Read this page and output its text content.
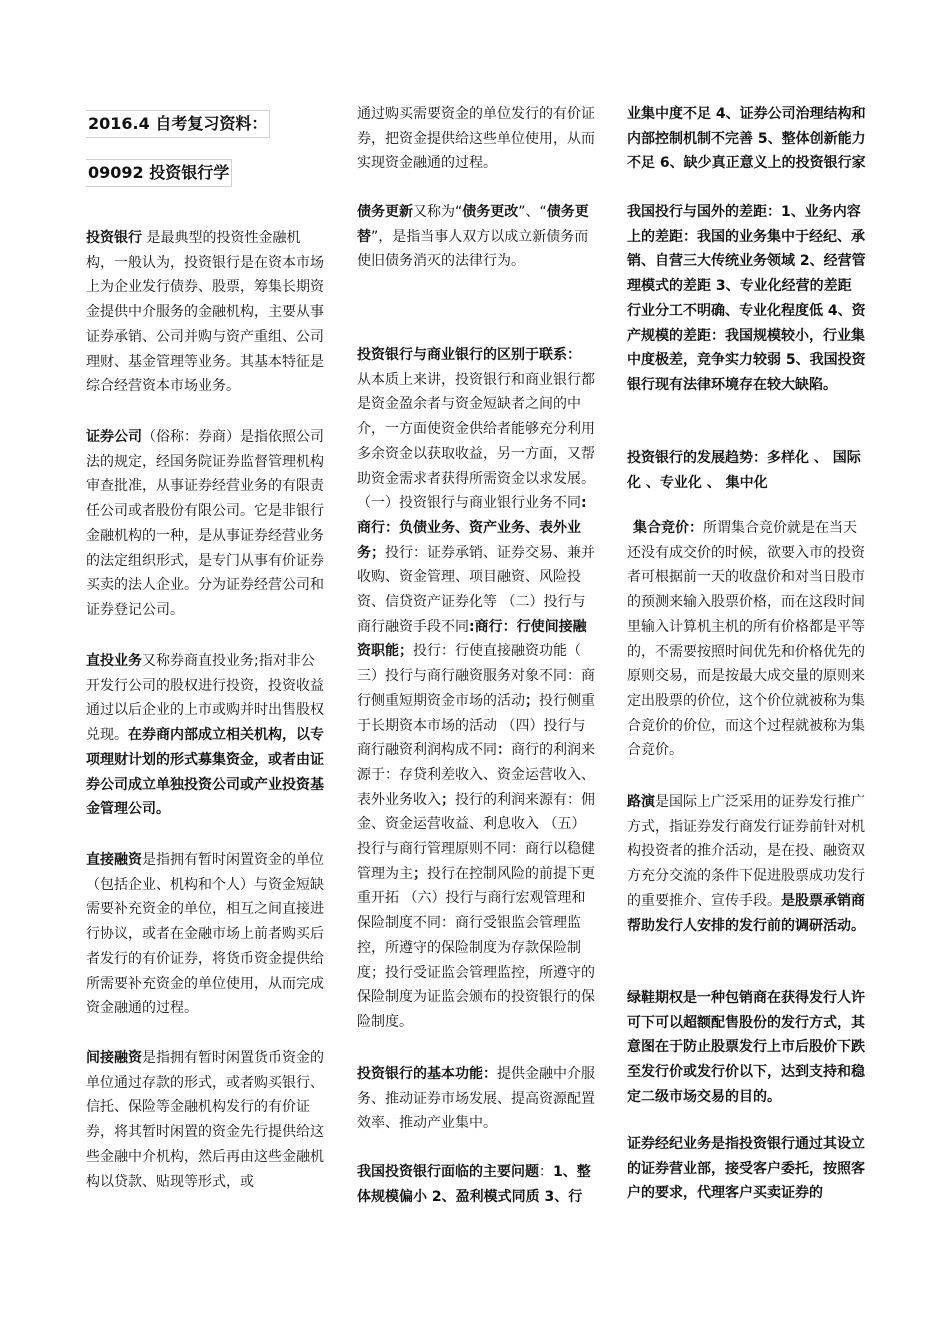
2016.4 自考复习资料：
09092 投资银行学

投资银行 是最典型的投资性金融机构，一般认为，投资银行是在资本市场上为企业发行债券、股票，筹集长期资金提供中介服务的金融机构，主要从事证券承销、公司并购与资产重组、公司理财、基金管理等业务。其基本特征是综合经营资本市场业务。

证券公司（俗称：券商）是指依照公司法的规定，经国务院证券监督管理机构审查批准，从事证券经营业务的有限责任公司或者股份有限公司。它是非银行金融机构的一种，是从事证券经营业务的法定组织形式，是专门从事有价证券买卖的法人企业。分为证券经营公司和证券登记公司。

直投业务又称券商直投业务;指对非公开发行公司的股权进行投资，投资收益通过以后企业的上市或购并时出售股权兑现。在券商内部成立相关机构，以专项理财计划的形式募集资金，或者由证券公司成立单独投资公司或产业投资基金管理公司。

直接融资是指拥有暂时闲置资金的单位（包括企业、机构和个人）与资金短缺需要补充资金的单位，相互之间直接进行协议，或者在金融市场上前者购买后者发行的有价证券，将货币资金提供给所需要补充资金的单位使用，从而完成资金融通的过程。

间接融资是指拥有暂时闲置货币资金的单位通过存款的形式，或者购买银行、信托、保险等金融机构发行的有价证券，将其暂时闲置的资金先行提供给这些金融中介机构，然后再由这些金融机构以贷款、贴现等形式，或

通过购买需要资金的单位发行的有价证券，把资金提供给这些单位使用，从而实现资金融通的过程。

债务更新又称为“债务更改”、“债务更替”，是指当事人双方以成立新债务而使旧债务消灭的法律行为。

投资银行与商业银行的区别于联系：
从本质上来讲，投资银行和商业银行都是资金盈余者与资金短缺者之间的中介，一方面使资金供给者能够充分利用多余资金以获取收益，另一方面，又帮助资金需求者获得所需资金以求发展。 （一）投资银行与商业银行业务不同:商行：负债业务、资产业务、表外业务；投行：证券承销、证券交易、兼并收购、资金管理、项目融资、风险投资、信贷资产证券化等 （二）投行与商行融资手段不同:商行：行使间接融资职能；投行：行使直接融资功能（ 三）投行与商行融资服务对象不同：商行侧重短期资金市场的活动；投行侧重于长期资本市场的活动 （四）投行与商行融资利润构成不同：商行的利润来源于：存贷利差收入、资金运营收入、表外业务收入；投行的利润来源有：佣金、资金运营收益、利息收入 （五）投行与商行管理原则不同：商行以稳健管理为主；投行在控制风险的前提下更重开拓 （六）投行与商行宏观管理和保险制度不同：商行受银监会管理监控，所遵守的保险制度为存款保险制度；投行受证监会管理监控，所遵守的保险制度为证监会颁布的投资银行的保险制度。

投资银行的基本功能：提供金融中介服务、推动证券市场发展、提高资源配置效率、推动产业集中。

我国投资银行面临的主要问题：1、整体规模偏小 2、盈利模式同质 3、行

业集中度不足 4、证券公司治理结构和内部控制机制不完善 5、整体创新能力不足 6、缺少真正意义上的投资银行家

我国投行与国外的差距：1、业务内容上的差距：我国的业务集中于经纪、承销、自营三大传统业务领域 2、经营管理模式的差距 3、专业化经营的差距 行业分工不明确、专业化程度低 4、资产规模的差距：我国规模较小，行业集中度极差，竞争实力较弱 5、我国投资银行现有法律环境存在较大缺陷。

投资银行的发展趋势：多样化 、 国际化 、专业化 、 集中化

集合竞价：所谓集合竞价就是在当天还没有成交价的时候，欲要入市的投资者可根据前一天的收盘价和对当日股市的预测来输入股票价格，而在这段时间里输入计算机主机的所有价格都是平等的，不需要按照时间优先和价格优先的原则交易，而是按最大成交量的原则来定出股票的价位，这个价位就被称为集合竞价的价位，而这个过程就被称为集合竞价。

路演是国际上广泛采用的证券发行推广方式，指证券发行商发行证券前针对机构投资者的推介活动，是在投、融资双方充分交流的条件下促进股票成功发行的重要推介、宣传手段。是股票承销商帮助发行人安排的发行前的调研活动。

绿鞋期权是一种包销商在获得发行人许可下可以超额配售股份的发行方式，其意图在于防止股票发行上市后股价下跌至发行价或发行价以下，达到支持和稳定二级市场交易的目的。

证券经纪业务是指投资银行通过其设立的证券营业部，接受客户委托，按照客户的要求，代理客户买卖证券的
